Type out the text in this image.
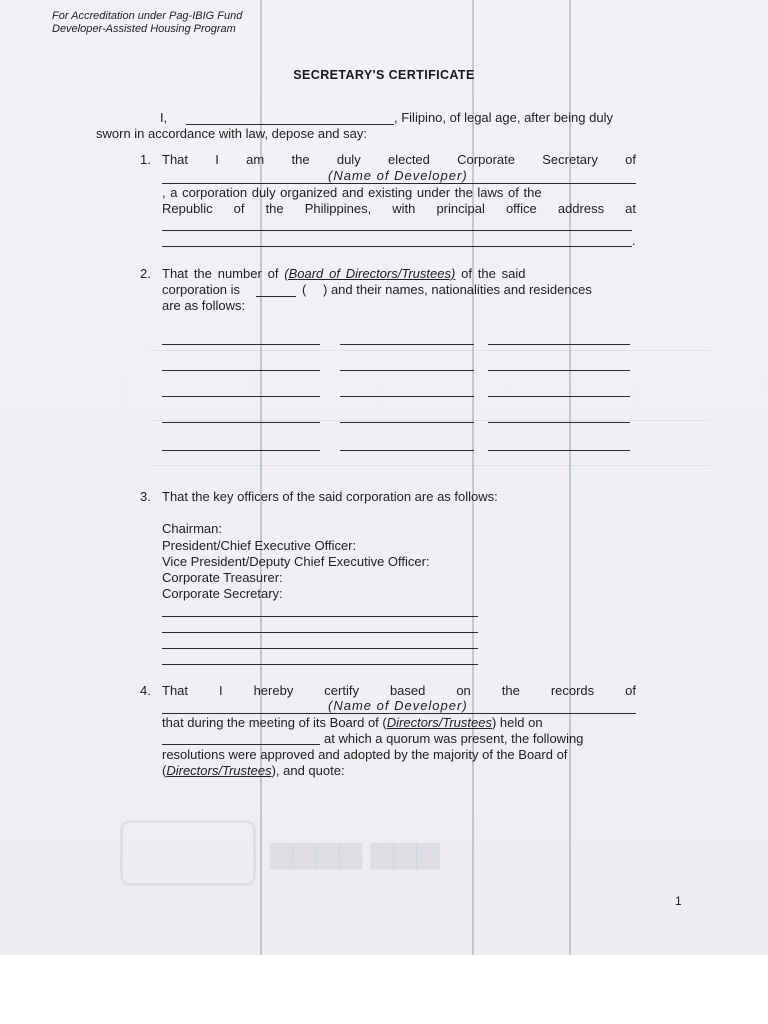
▆▆▆ ▆▆▆▆
For Accreditation under Pag-IBIG Fund
Developer-Assisted Housing Program
SECRETARY'S CERTIFICATE
I,	, Filipino, of legal age, after being duly
sworn in accordance with law, depose and say:
1. That I am the duly elected Corporate Secretary of
(Name of Developer)
, a corporation duly organized and existing under the laws of the
Republic of the Philippines, with principal office address at
.
2. That the number of (Board of Directors/Trustees) of the said
corporation is	( ) and their names, nationalities and residences
are as follows:
3. That the key officers of the said corporation are as follows:
Chairman:
President/Chief Executive Officer:
Vice President/Deputy Chief Executive Officer:
Corporate Treasurer:
Corporate Secretary:
4. That I hereby certify based on the records of
(Name of Developer)
that during the meeting of its Board of (Directors/Trustees) held on
at which a quorum was present, the following
resolutions were approved and adopted by the majority of the Board of
(Directors/Trustees), and quote:
1
